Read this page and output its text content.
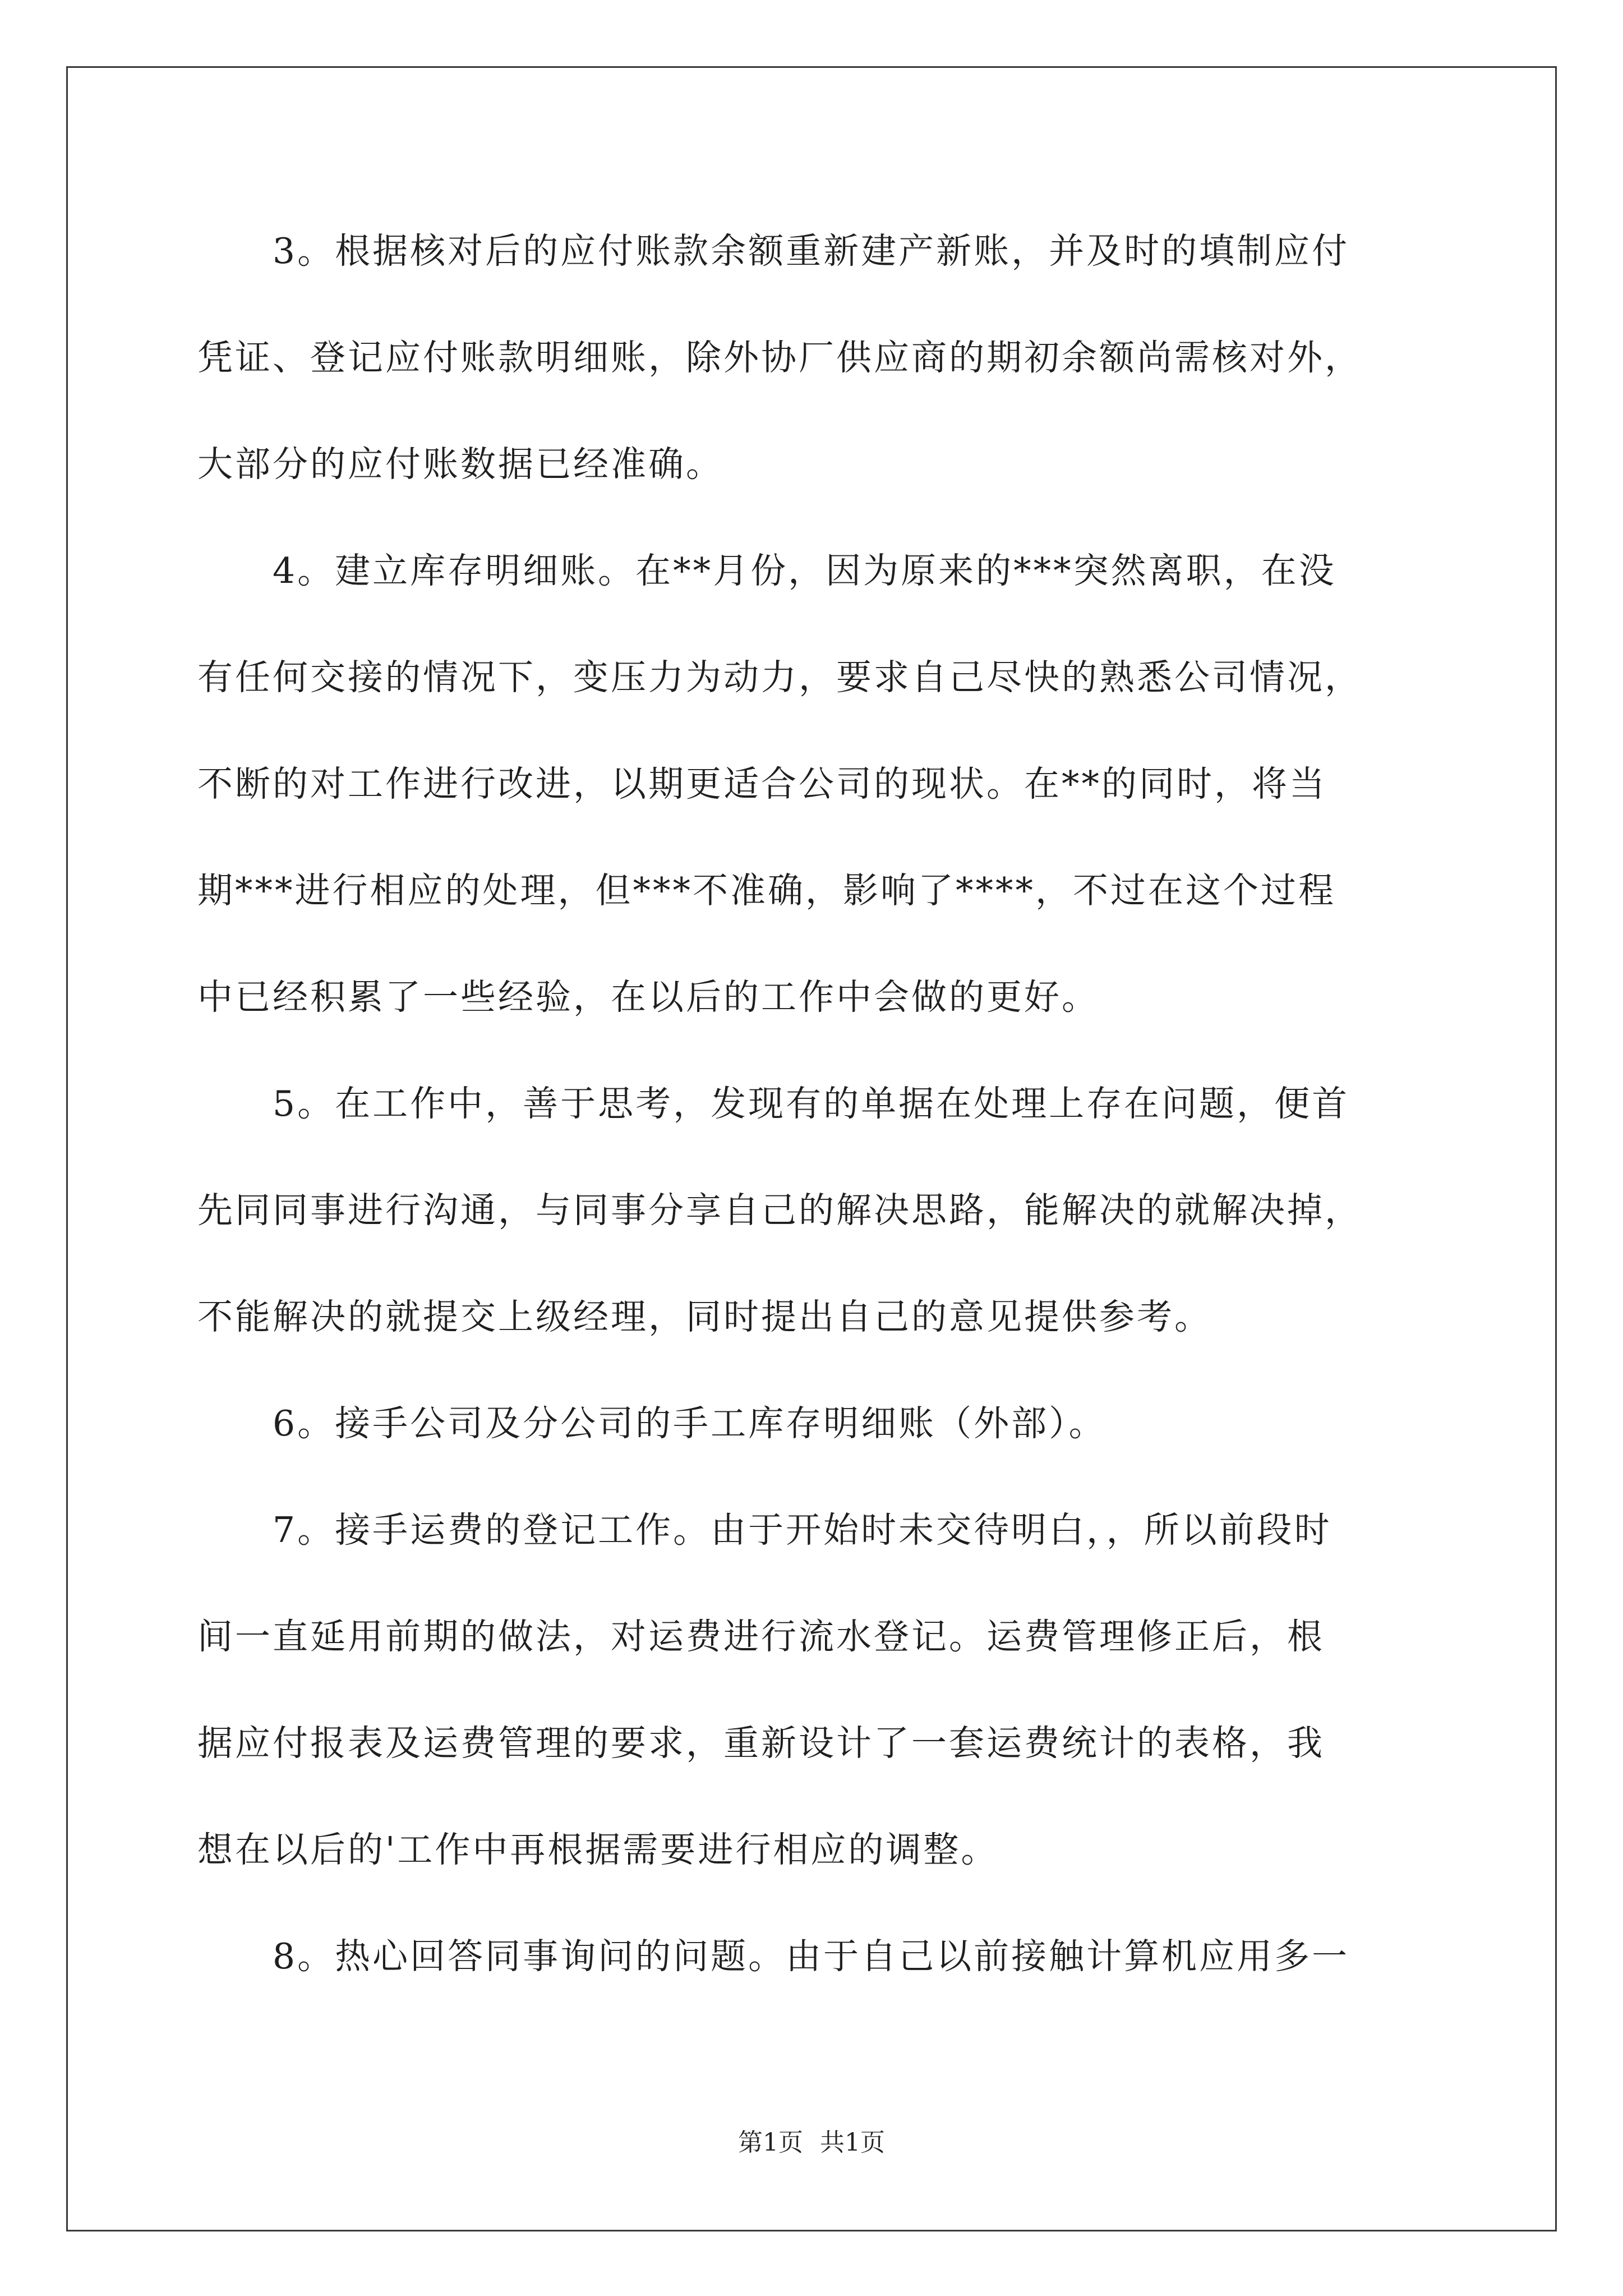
　　3。根据核对后的应付账款余额重新建产新账，并及时的填制应付
凭证、登记应付账款明细账，除外协厂供应商的期初余额尚需核对外，
大部分的应付账数据已经准确。
　　4。建立库存明细账。在**月份，因为原来的***突然离职，在没
有任何交接的情况下，变压力为动力，要求自己尽快的熟悉公司情况，
不断的对工作进行改进，以期更适合公司的现状。在**的同时，将当
期***进行相应的处理，但***不准确，影响了****，不过在这个过程
中已经积累了一些经验，在以后的工作中会做的更好。
　　5。在工作中，善于思考，发现有的单据在处理上存在问题，便首
先同同事进行沟通，与同事分享自己的解决思路，能解决的就解决掉，
不能解决的就提交上级经理，同时提出自己的意见提供参考。
　　6。接手公司及分公司的手工库存明细账（外部）。
　　7。接手运费的登记工作。由于开始时未交待明白，，所以前段时
间一直延用前期的做法，对运费进行流水登记。运费管理修正后，根
据应付报表及运费管理的要求，重新设计了一套运费统计的表格，我
想在以后的'工作中再根据需要进行相应的调整。
　　8。热心回答同事询问的问题。由于自己以前接触计算机应用多一
第1页 共1页
